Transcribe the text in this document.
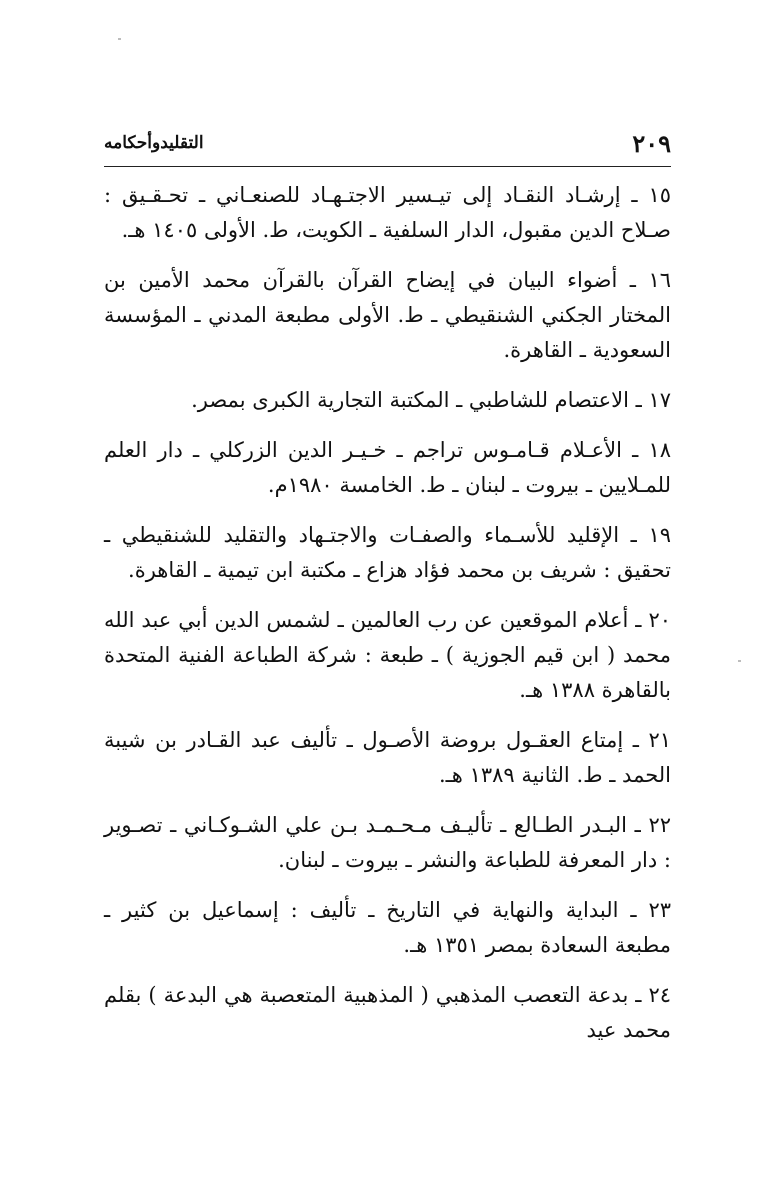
٢٠٩
التقليدوأحكامه
١٥ ـ إرشـاد النقـاد إلى تيـسير الاجتـهـاد للصنعـاني ـ تحـقـيق : صـلاح الدين مقبول، الدار السلفية ـ الكويت، ط. الأولى ١٤٠٥ هـ.
١٦ ـ أضواء البيان في إيضاح القرآن بالقرآن محمد الأمين بن المختار الجكني الشنقيطي ـ ط. الأولى مطبعة المدني ـ المؤسسة السعودية ـ القاهرة.
١٧ ـ الاعتصام للشاطبي ـ المكتبة التجارية الكبرى بمصر.
١٨ ـ الأعـلام قـامـوس تراجم ـ خـيـر الدين الزركلي ـ دار العلم للمـلايين ـ بيروت ـ لبنان ـ ط. الخامسة ١٩٨٠م.
١٩ ـ الإقليد للأسـماء والصفـات والاجتـهاد والتقليد للشنقيطي ـ تحقيق : شريف بن محمد فؤاد هزاع ـ مكتبة ابن تيمية ـ القاهرة.
٢٠ ـ أعلام الموقعين عن رب العالمين ـ لشمس الدين أبي عبد الله محمد ( ابن قيم الجوزية ) ـ طبعة : شركة الطباعة الفنية المتحدة بالقاهرة ١٣٨٨ هـ.
٢١ ـ إمتاع العقـول بروضة الأصـول ـ تأليف عبد القـادر بن شيبة الحمد ـ ط. الثانية ١٣٨٩ هـ.
٢٢ ـ البـدر الطـالع ـ تأليـف مـحـمـد بـن علي الشـوكـاني ـ تصـوير : دار المعرفة للطباعة والنشر ـ بيروت ـ لبنان.
٢٣ ـ البداية والنهاية في التاريخ ـ تأليف : إسماعيل بن كثير ـ مطبعة السعادة بمصر ١٣٥١ هـ.
٢٤ ـ بدعة التعصب المذهبي ( المذهبية المتعصبة هي البدعة ) بقلم محمد عيد
